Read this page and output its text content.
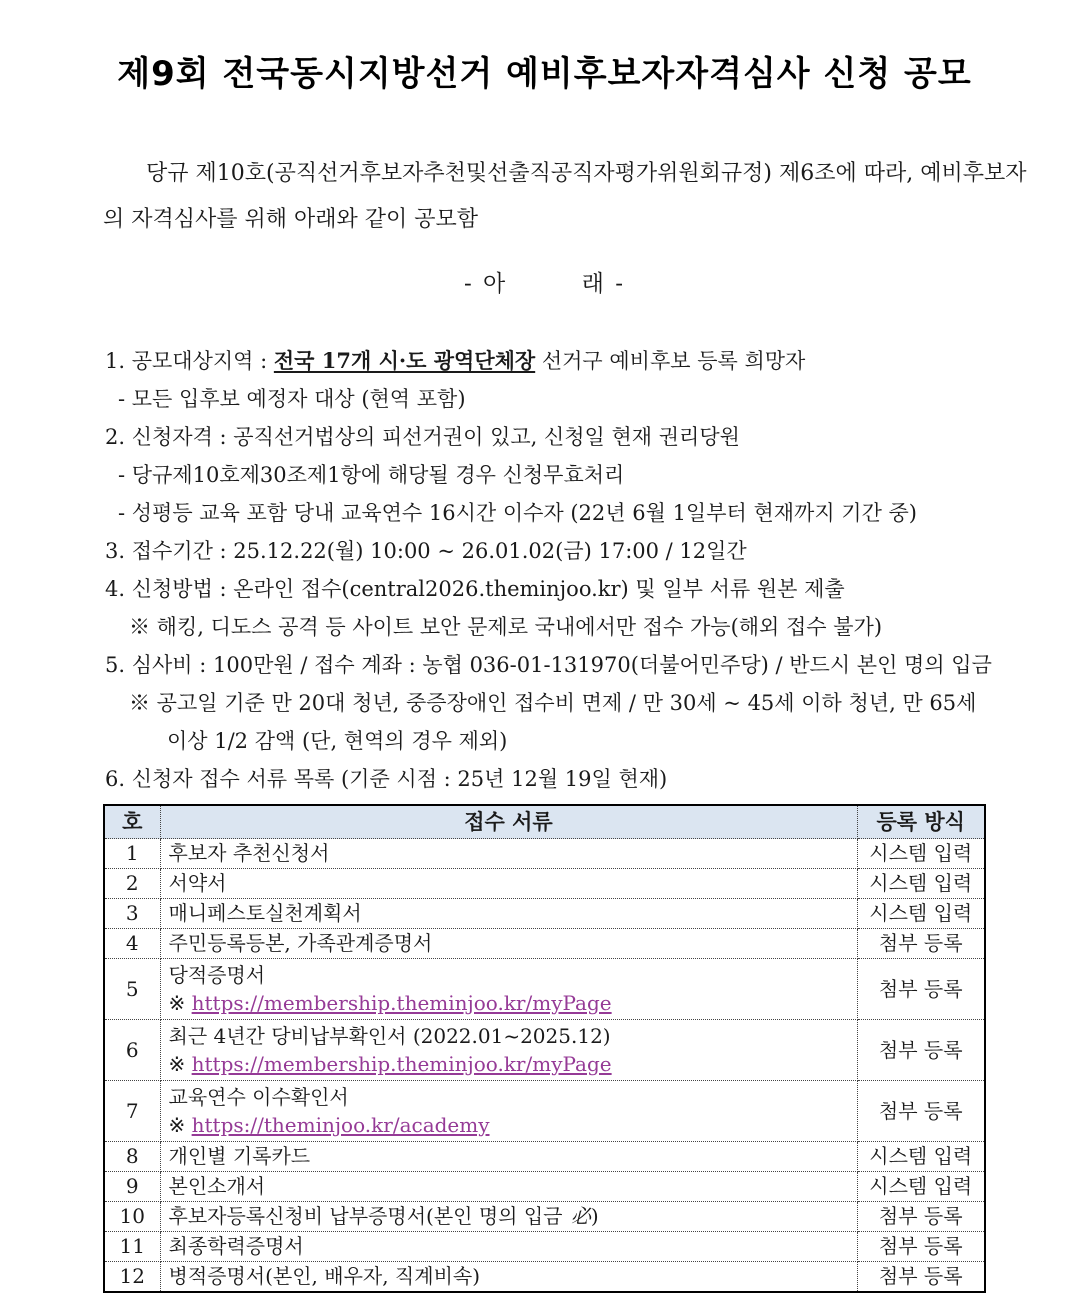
제9회 전국동시지방선거 예비후보자자격심사 신청 공모
당규 제10호(공직선거후보자추천및선출직공직자평가위원회규정) 제6조에 따라, 예비후보자
의 자격심사를 위해 아래와 같이 공모함
- 아        래 -
1. 공모대상지역 : 전국 17개 시·도 광역단체장 선거구 예비후보 등록 희망자
- 모든 입후보 예정자 대상 (현역 포함)
2. 신청자격 : 공직선거법상의 피선거권이 있고, 신청일 현재 권리당원
- 당규제10호제30조제1항에 해당될 경우 신청무효처리
- 성평등 교육 포함 당내 교육연수 16시간 이수자 (22년 6월 1일부터 현재까지 기간 중)
3. 접수기간 : 25.12.22(월) 10:00 ~ 26.01.02(금) 17:00 / 12일간
4. 신청방법 : 온라인 접수(central2026.theminjoo.kr) 및 일부 서류 원본 제출
※ 해킹, 디도스 공격 등 사이트 보안 문제로 국내에서만 접수 가능(해외 접수 불가)
5. 심사비 : 100만원 / 접수 계좌 : 농협 036-01-131970(더불어민주당) / 반드시 본인 명의 입금
※ 공고일 기준 만 20대 청년, 중증장애인 접수비 면제 / 만 30세 ~ 45세 이하 청년, 만 65세
이상 1/2 감액 (단, 현역의 경우 제외)
6. 신청자 접수 서류 목록 (기준 시점 : 25년 12월 19일 현재)
호	접수 서류	등록 방식
1	후보자 추천신청서	시스템 입력
2	서약서	시스템 입력
3	매니페스토실천계획서	시스템 입력
4	주민등록등본, 가족관계증명서	첨부 등록
5	당적증명서
※ https://membership.theminjoo.kr/myPage	첨부 등록
6	최근 4년간 당비납부확인서 (2022.01~2025.12)
※ https://membership.theminjoo.kr/myPage	첨부 등록
7	교육연수 이수확인서
※ https://theminjoo.kr/academy	첨부 등록
8	개인별 기록카드	시스템 입력
9	본인소개서	시스템 입력
10	후보자등록신청비 납부증명서(본인 명의 입금 必)	첨부 등록
11	최종학력증명서	첨부 등록
12	병적증명서(본인, 배우자, 직계비속)	첨부 등록
